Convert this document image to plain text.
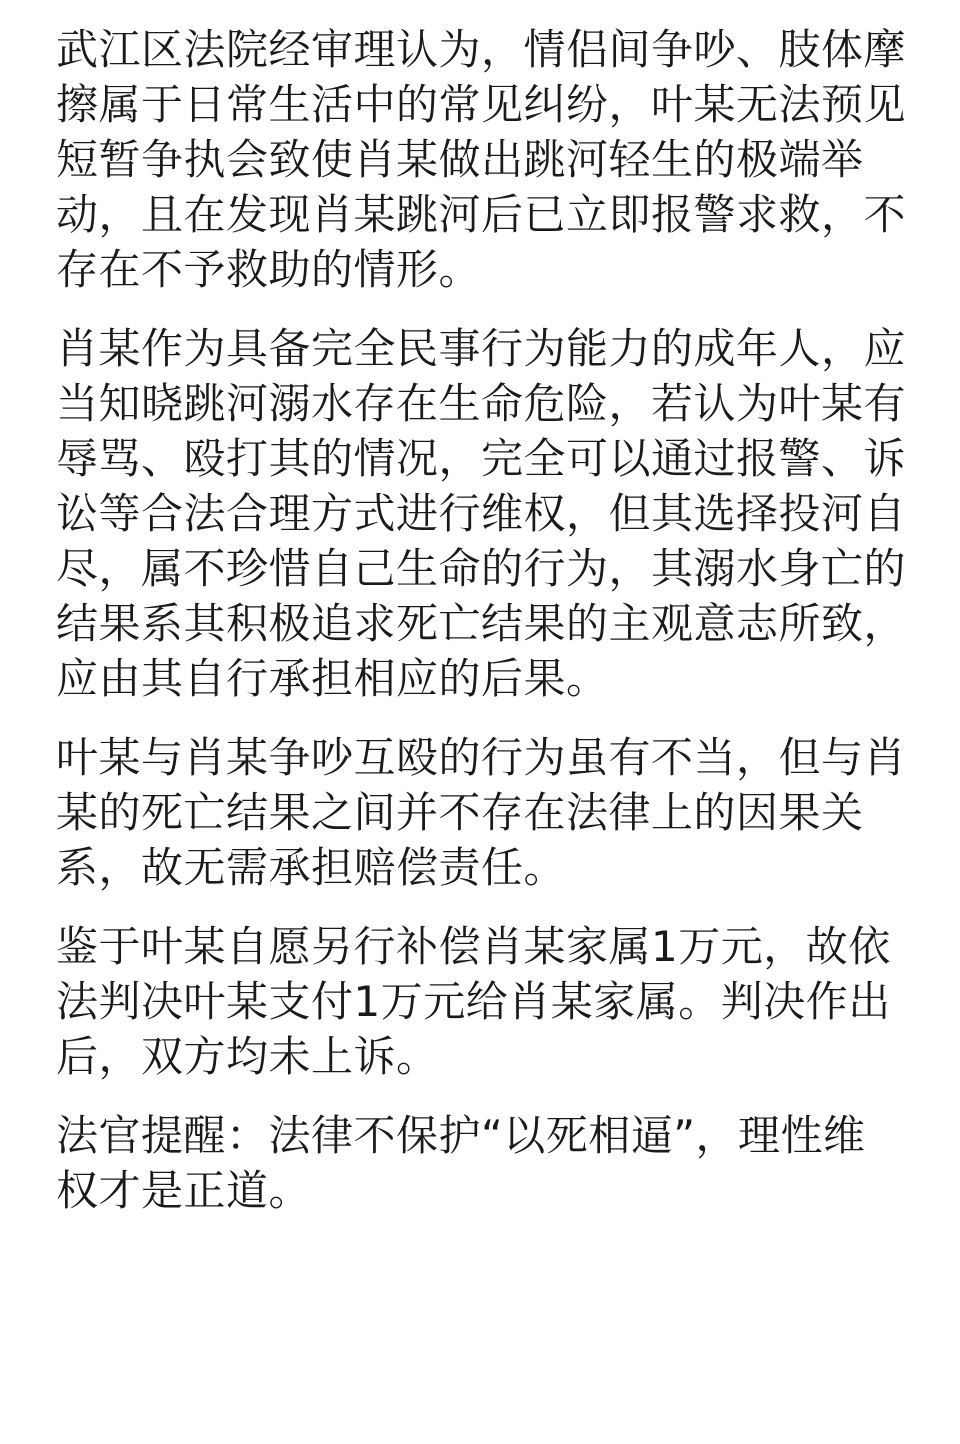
武江区法院经审理认为，情侣间争吵、肢体摩
擦属于日常生活中的常见纠纷，叶某无法预见
短暂争执会致使肖某做出跳河轻生的极端举
动，且在发现肖某跳河后已立即报警求救，不
存在不予救助的情形。
肖某作为具备完全民事行为能力的成年人，应
当知晓跳河溺水存在生命危险，若认为叶某有
辱骂、殴打其的情况，完全可以通过报警、诉
讼等合法合理方式进行维权，但其选择投河自
尽，属不珍惜自己生命的行为，其溺水身亡的
结果系其积极追求死亡结果的主观意志所致，
应由其自行承担相应的后果。
叶某与肖某争吵互殴的行为虽有不当，但与肖
某的死亡结果之间并不存在法律上的因果关
系，故无需承担赔偿责任。
鉴于叶某自愿另行补偿肖某家属1万元，故依
法判决叶某支付1万元给肖某家属。判决作出
后，双方均未上诉。
法官提醒：法律不保护“以死相逼”，理性维
权才是正道。
